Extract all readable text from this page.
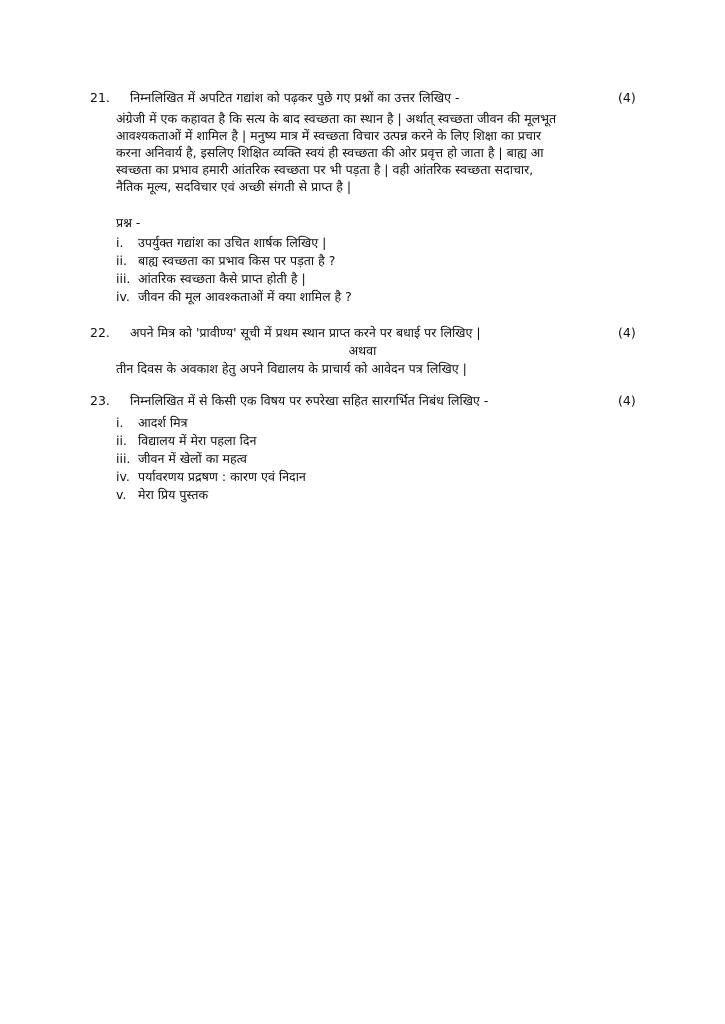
21. निम्नलिखित में अपटित गद्यांश को पढ़कर पुछे गए प्रश्नों का उत्तर लिखिए -	(4)
अंग्रेजी में एक कहावत है कि सत्य के बाद स्वच्छता का स्थान है | अर्थात् स्वच्छता जीवन की मूलभूत
आवश्यकताओं में शामिल है | मनुष्य मात्र में स्वच्छता विचार उत्पन्न करने के लिए शिक्षा का प्रचार
करना अनिवार्य है, इसलिए शिक्षित व्यक्ति स्वयं ही स्वच्छता की ओर प्रवृत्त हो जाता है | बाह्य आ
स्वच्छता का प्रभाव हमारी आंतरिक स्वच्छता पर भी पड़ता है | वही आंतरिक स्वच्छता सदाचार,
नैतिक मूल्य, सदविचार एवं अच्छी संगती से प्राप्त है |
प्रश्न -
i. उपर्युक्त गद्यांश का उचित शार्षक लिखिए |
ii. बाह्य स्वच्छता का प्रभाव किस पर पड़ता है ?
iii. आंतरिक स्वच्छता कैसे प्राप्त होती है |
iv. जीवन की मूल आवश्कताओं में क्या शामिल है ?
22. अपने मित्र को 'प्रावीण्य' सूची में प्रथम स्थान प्राप्त करने पर बधाई पर लिखिए |	(4)
अथवा
तीन दिवस के अवकाश हेतु अपने विद्यालय के प्राचार्य को आवेदन पत्र लिखिए |
23. निम्नलिखित में से किसी एक विषय पर रुपरेखा सहित सारगर्भित निबंध लिखिए -	(4)
i. आदर्श मित्र
ii. विद्यालय में मेरा पहला दिन
iii. जीवन में खेलों का महत्व
iv. पर्यावरणय प्रद्रषण : कारण एवं निदान
v. मेरा प्रिय पुस्तक
